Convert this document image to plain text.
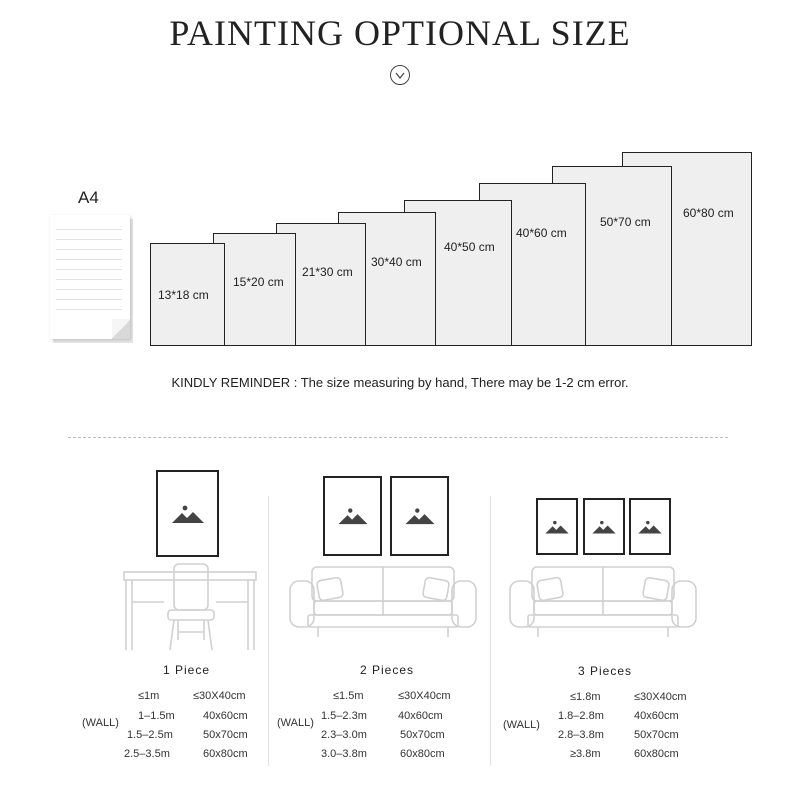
PAINTING OPTIONAL SIZE
A4
13*18 cm
15*20 cm
21*30 cm
30*40 cm
40*50 cm
40*60 cm
50*70 cm
60*80 cm
KINDLY REMINDER : The size measuring by hand, There may be 1-2 cm error.
1 Piece
(WALL)
≤1m	≤30X40cm
1–1.5m	40x60cm
1.5–2.5m	50x70cm
2.5–3.5m	60x80cm
2 Pieces
(WALL)
≤1.5m	≤30X40cm
1.5–2.3m	40x60cm
2.3–3.0m	50x70cm
3.0–3.8m	60x80cm
3 Pieces
(WALL)
≤1.8m	≤30X40cm
1.8–2.8m	40x60cm
2.8–3.8m	50x70cm
≥3.8m	60x80cm
